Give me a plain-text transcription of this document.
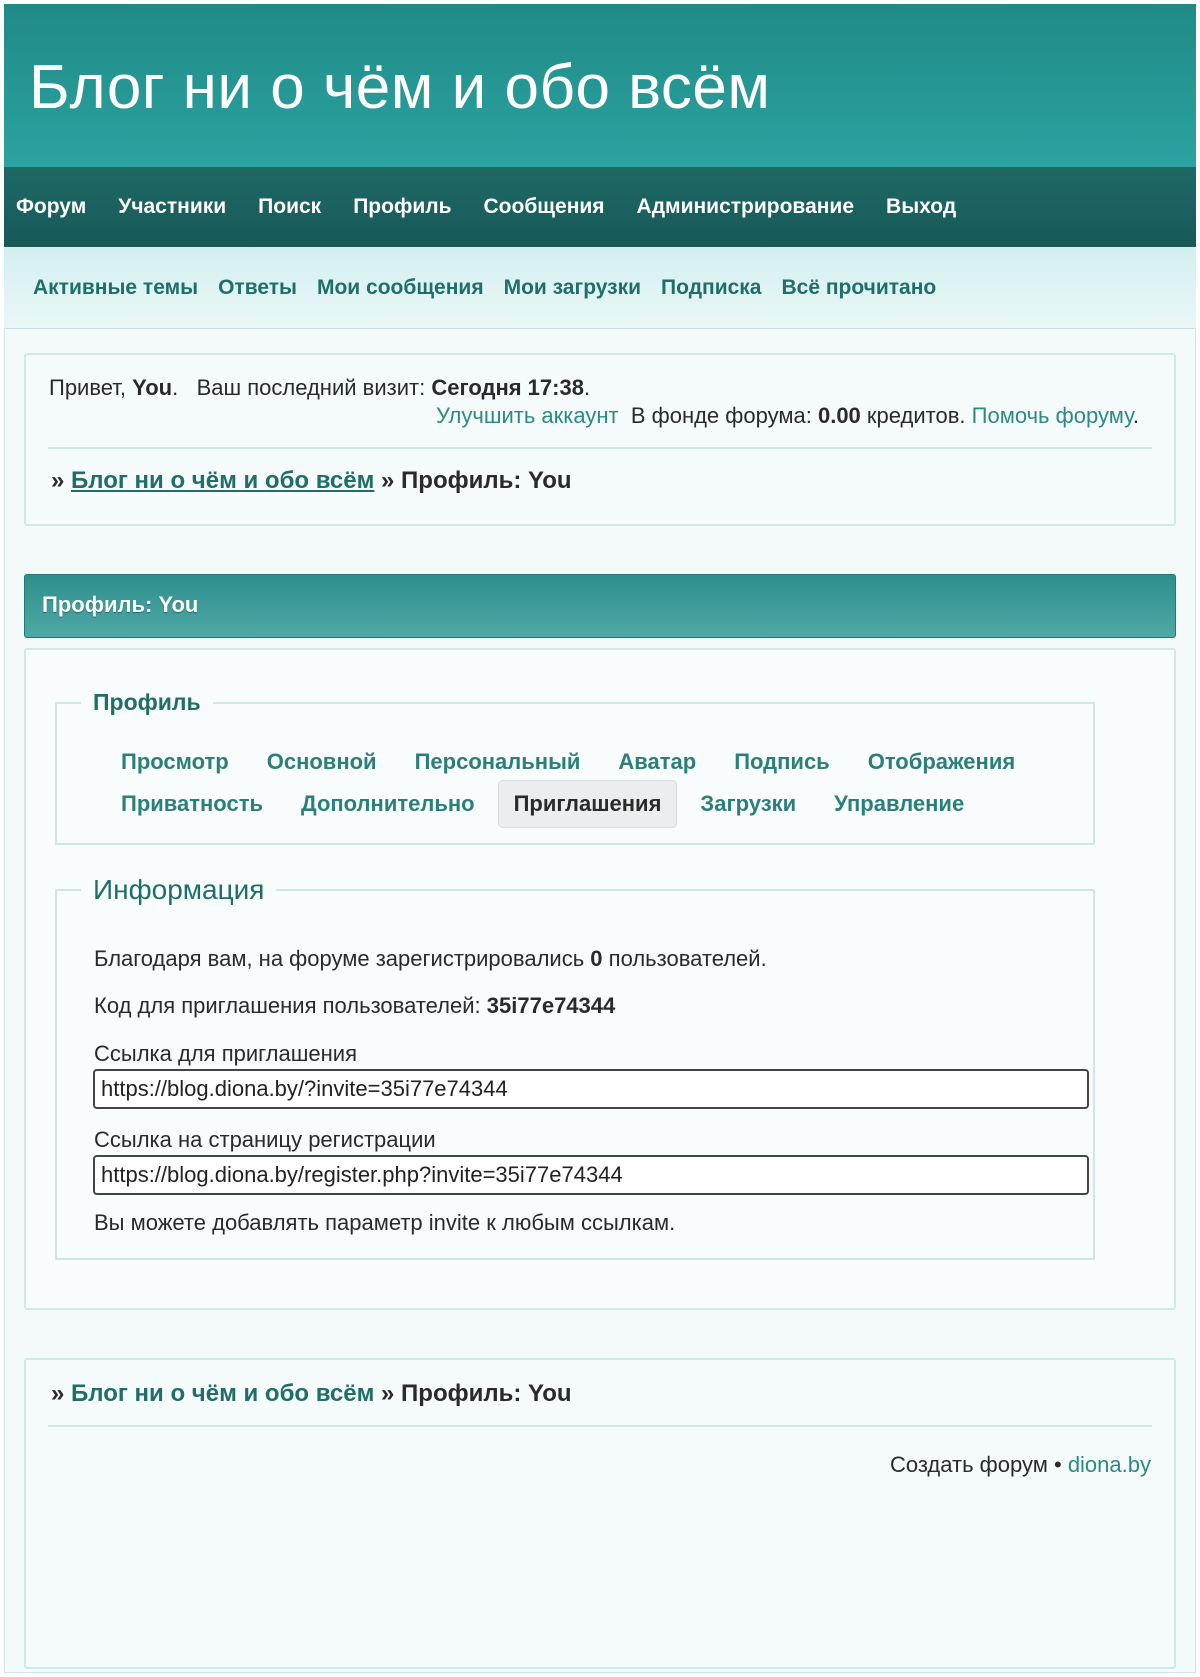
Блог ни о чём и обо всём
Форум Участники Поиск Профиль Сообщения Администрирование Выход
Активные темы Ответы Мои сообщения Мои загрузки Подписка Всё прочитано
Привет, You. Ваш последний визит: Сегодня 17:38.
Улучшить аккаунт В фонде форума: 0.00 кредитов. Помочь форуму.
» Блог ни о чём и обо всём » Профиль: You
Профиль: You
Профиль
Просмотр	Основной	Персональный	Аватар	Подпись	Отображения
Приватность	Дополнительно	Приглашения	Загрузки	Управление
Информация
Благодаря вам, на форуме зарегистрировались 0 пользователей.
Код для приглашения пользователей: 35i77e74344
Ссылка для приглашения
https://blog.diona.by/?invite=35i77e74344
Ссылка на страницу регистрации
https://blog.diona.by/register.php?invite=35i77e74344
Вы можете добавлять параметр invite к любым ссылкам.
» Блог ни о чём и обо всём » Профиль: You
Создать форум • diona.by
